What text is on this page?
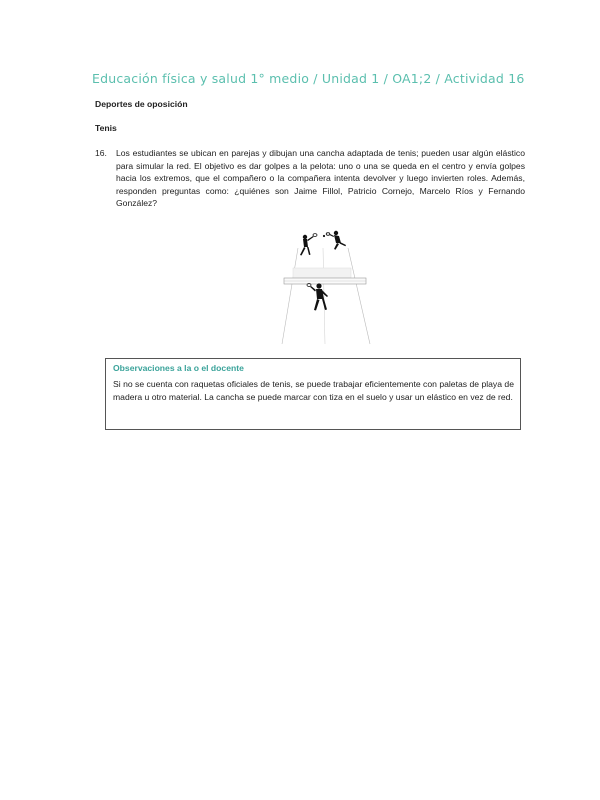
Educación física y salud 1° medio / Unidad 1 / OA1;2 / Actividad 16
Deportes de oposición
Tenis
16. Los estudiantes se ubican en parejas y dibujan una cancha adaptada de tenis; pueden usar algún elástico para simular la red. El objetivo es dar golpes a la pelota: uno o una se queda en el centro y envía golpes hacia los extremos, que el compañero o la compañera intenta devolver y luego invierten roles. Además, responden preguntas como: ¿quiénes son Jaime Fillol, Patricio Cornejo, Marcelo Ríos y Fernando González?
Observaciones a la o el docente
Si no se cuenta con raquetas oficiales de tenis, se puede trabajar eficientemente con paletas de playa de madera u otro material. La cancha se puede marcar con tiza en el suelo y usar un elástico en vez de red.
